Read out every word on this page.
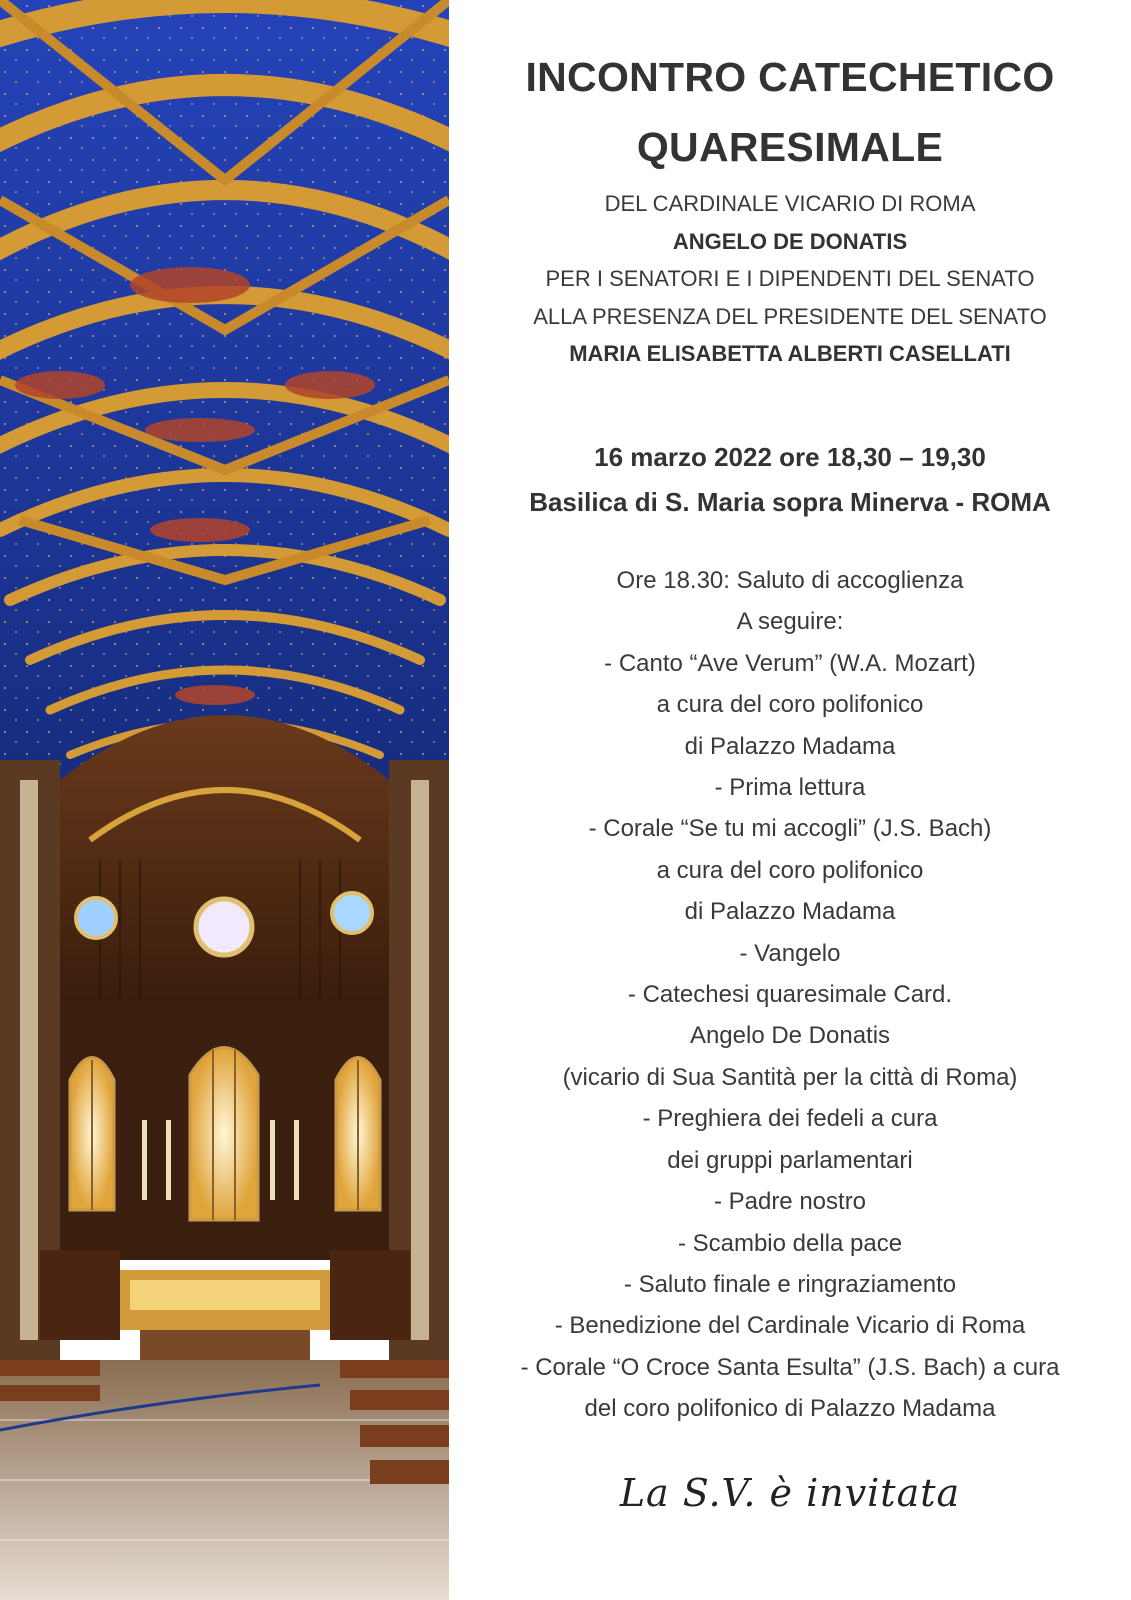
INCONTRO CATECHETICO
QUARESIMALE
DEL CARDINALE VICARIO DI ROMA
ANGELO DE DONATIS
PER I SENATORI E I DIPENDENTI DEL SENATO
ALLA PRESENZA DEL PRESIDENTE DEL SENATO
MARIA ELISABETTA ALBERTI CASELLATI
16 marzo 2022 ore 18,30 – 19,30
Basilica di S. Maria sopra Minerva - ROMA
Ore 18.30: Saluto di accoglienza
A seguire:
- Canto “Ave Verum” (W.A. Mozart)
a cura del coro polifonico
di Palazzo Madama
- Prima lettura
- Corale “Se tu mi accogli” (J.S. Bach)
a cura del coro polifonico
di Palazzo Madama
- Vangelo
- Catechesi quaresimale Card.
Angelo De Donatis
(vicario di Sua Santità per la città di Roma)
- Preghiera dei fedeli a cura
dei gruppi parlamentari
- Padre nostro
- Scambio della pace
- Saluto finale e ringraziamento
- Benedizione del Cardinale Vicario di Roma
- Corale “O Croce Santa Esulta” (J.S. Bach) a cura
del coro polifonico di Palazzo Madama
La S.V. è invitata
